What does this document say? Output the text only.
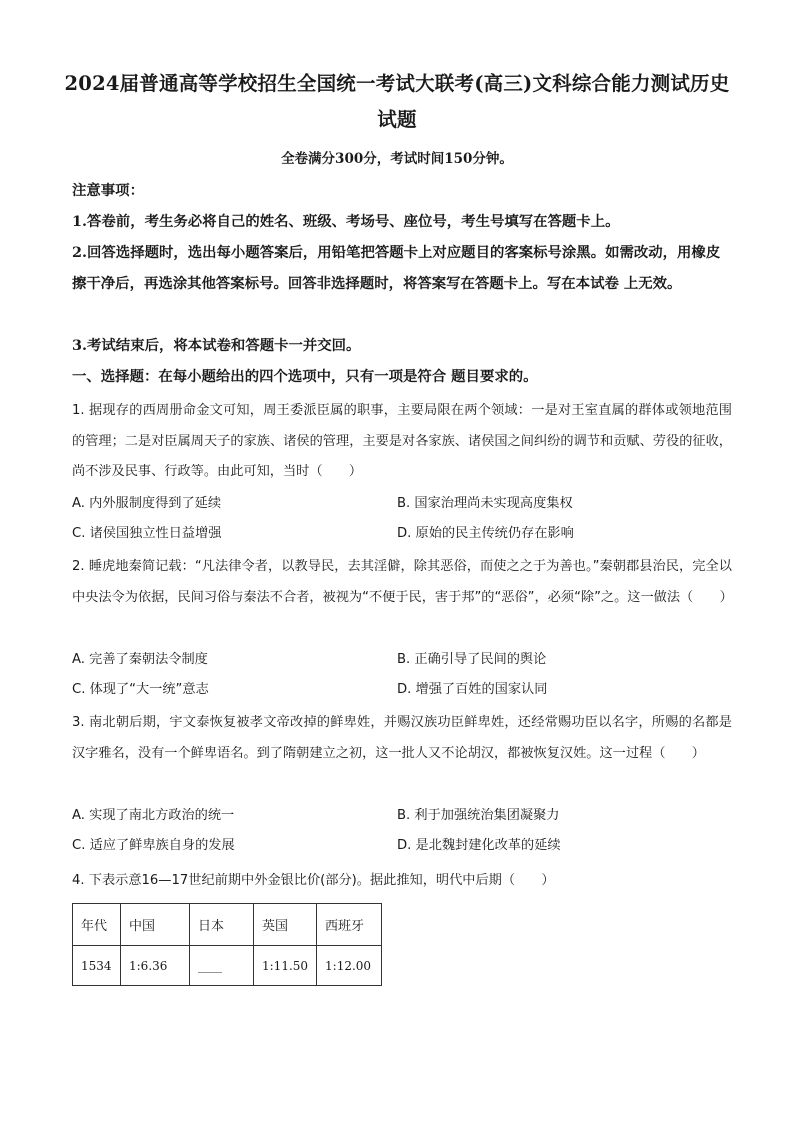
2024届普通高等学校招生全国统一考试大联考(高三)文科综合能力测试历史试题
全卷满分300分，考试时间150分钟。

注意事项：

1.答卷前，考生务必将自己的姓名、班级、考场号、座位号，考生号填写在答题卡上。

2.回答选择题时，选出每小题答案后，用铅笔把答题卡上对应题目的客案标号涂黑。如需改动，用橡皮擦干净后，再选涂其他答案标号。回答非选择题时，将答案写在答题卡上。写在本试卷 上无效。

3.考试结束后，将本试卷和答题卡一并交回。

一、选择题：在每小题给出的四个选项中，只有一项是符合 题目要求的。

1. 据现存的西周册命金文可知，周王委派臣属的职事，主要局限在两个领域：一是对王室直属的群体或领地范围的管理；二是对臣属周天子的家族、诸侯的管理，主要是对各家族、诸侯国之间纠纷的调节和贡赋、劳役的征收，尚不涉及民事、行政等。由此可知，当时（　　）

A. 内外服制度得到了延续	B. 国家治理尚未实现高度集权
C. 诸侯国独立性日益增强	D. 原始的民主传统仍存在影响

2. 睡虎地秦简记载：“凡法律令者，以教导民，去其淫僻，除其恶俗，而使之之于为善也。”秦朝郡县治民，完全以中央法令为依据，民间习俗与秦法不合者，被视为“不便于民，害于邦”的“恶俗”，必须“除”之。这一做法（　　）

A. 完善了秦朝法令制度	B. 正确引导了民间的舆论
C. 体现了“大一统”意志	D. 增强了百姓的国家认同

3. 南北朝后期，宇文泰恢复被孝文帝改掉的鲜卑姓，并赐汉族功臣鲜卑姓，还经常赐功臣以名字，所赐的名都是汉字雅名，没有一个鲜卑语名。到了隋朝建立之初，这一批人又不论胡汉，都被恢复汉姓。这一过程（　　）

A. 实现了南北方政治的统一	B. 利于加强统治集团凝聚力
C. 适应了鲜卑族自身的发展	D. 是北魏封建化改革的延续

4. 下表示意16—17世纪前期中外金银比价(部分)。据此推知，明代中后期（　　）

年代	中国	日本	英国	西班牙
1534	1:6.36	____	1:11.50	1:12.00
